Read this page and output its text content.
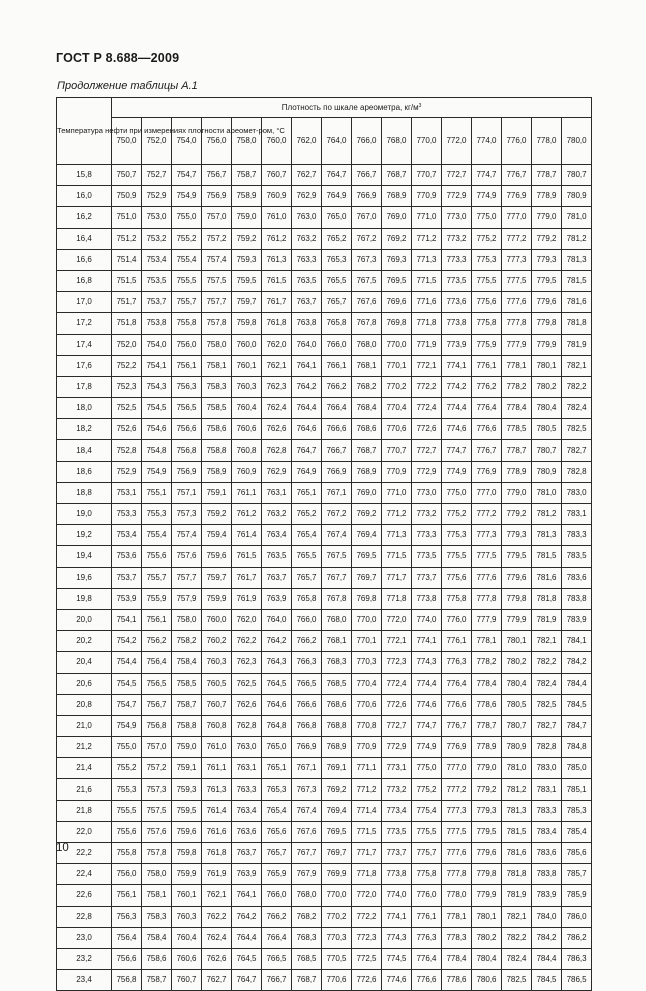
ГОСТ Р 8.688—2009
Продолжение таблицы А.1
Температура нефти при измерениях плотности ареомет-ром, °С	Плотность по шкале ареометра, $кг/м^3$
	750,0	752,0	754,0	756,0	758,0	760,0	762,0	764,0	766,0	768,0	770,0	772,0	774,0	776,0	778,0	780,0
15,8	750,7	752,7	754,7	756,7	758,7	760,7	762,7	764,7	766,7	768,7	770,7	772,7	774,7	776,7	778,7	780,7
16,0	750,9	752,9	754,9	756,9	758,9	760,9	762,9	764,9	766,9	768,9	770,9	772,9	774,9	776,9	778,9	780,9
16,2	751,0	753,0	755,0	757,0	759,0	761,0	763,0	765,0	767,0	769,0	771,0	773,0	775,0	777,0	779,0	781,0
16,4	751,2	753,2	755,2	757,2	759,2	761,2	763,2	765,2	767,2	769,2	771,2	773,2	775,2	777,2	779,2	781,2
16,6	751,4	753,4	755,4	757,4	759,3	761,3	763,3	765,3	767,3	769,3	771,3	773,3	775,3	777,3	779,3	781,3
16,8	751,5	753,5	755,5	757,5	759,5	761,5	763,5	765,5	767,5	769,5	771,5	773,5	775,5	777,5	779,5	781,5
17,0	751,7	753,7	755,7	757,7	759,7	761,7	763,7	765,7	767,6	769,6	771,6	773,6	775,6	777,6	779,6	781,6
17,2	751,8	753,8	755,8	757,8	759,8	761,8	763,8	765,8	767,8	769,8	771,8	773,8	775,8	777,8	779,8	781,8
17,4	752,0	754,0	756,0	758,0	760,0	762,0	764,0	766,0	768,0	770,0	771,9	773,9	775,9	777,9	779,9	781,9
17,6	752,2	754,1	756,1	758,1	760,1	762,1	764,1	766,1	768,1	770,1	772,1	774,1	776,1	778,1	780,1	782,1
17,8	752,3	754,3	756,3	758,3	760,3	762,3	764,2	766,2	768,2	770,2	772,2	774,2	776,2	778,2	780,2	782,2
18,0	752,5	754,5	756,5	758,5	760,4	762,4	764,4	766,4	768,4	770,4	772,4	774,4	776,4	778,4	780,4	782,4
18,2	752,6	754,6	756,6	758,6	760,6	762,6	764,6	766,6	768,6	770,6	772,6	774,6	776,6	778,5	780,5	782,5
18,4	752,8	754,8	756,8	758,8	760,8	762,8	764,7	766,7	768,7	770,7	772,7	774,7	776,7	778,7	780,7	782,7
18,6	752,9	754,9	756,9	758,9	760,9	762,9	764,9	766,9	768,9	770,9	772,9	774,9	776,9	778,9	780,9	782,8
18,8	753,1	755,1	757,1	759,1	761,1	763,1	765,1	767,1	769,0	771,0	773,0	775,0	777,0	779,0	781,0	783,0
19,0	753,3	755,3	757,3	759,2	761,2	763,2	765,2	767,2	769,2	771,2	773,2	775,2	777,2	779,2	781,2	783,1
19,2	753,4	755,4	757,4	759,4	761,4	763,4	765,4	767,4	769,4	771,3	773,3	775,3	777,3	779,3	781,3	783,3
19,4	753,6	755,6	757,6	759,6	761,5	763,5	765,5	767,5	769,5	771,5	773,5	775,5	777,5	779,5	781,5	783,5
19,6	753,7	755,7	757,7	759,7	761,7	763,7	765,7	767,7	769,7	771,7	773,7	775,6	777,6	779,6	781,6	783,6
19,8	753,9	755,9	757,9	759,9	761,9	763,9	765,8	767,8	769,8	771,8	773,8	775,8	777,8	779,8	781,8	783,8
20,0	754,1	756,1	758,0	760,0	762,0	764,0	766,0	768,0	770,0	772,0	774,0	776,0	777,9	779,9	781,9	783,9
20,2	754,2	756,2	758,2	760,2	762,2	764,2	766,2	768,1	770,1	772,1	774,1	776,1	778,1	780,1	782,1	784,1
20,4	754,4	756,4	758,4	760,3	762,3	764,3	766,3	768,3	770,3	772,3	774,3	776,3	778,2	780,2	782,2	784,2
20,6	754,5	756,5	758,5	760,5	762,5	764,5	766,5	768,5	770,4	772,4	774,4	776,4	778,4	780,4	782,4	784,4
20,8	754,7	756,7	758,7	760,7	762,6	764,6	766,6	768,6	770,6	772,6	774,6	776,6	778,6	780,5	782,5	784,5
21,0	754,9	756,8	758,8	760,8	762,8	764,8	766,8	768,8	770,8	772,7	774,7	776,7	778,7	780,7	782,7	784,7
21,2	755,0	757,0	759,0	761,0	763,0	765,0	766,9	768,9	770,9	772,9	774,9	776,9	778,9	780,9	782,8	784,8
21,4	755,2	757,2	759,1	761,1	763,1	765,1	767,1	769,1	771,1	773,1	775,0	777,0	779,0	781,0	783,0	785,0
21,6	755,3	757,3	759,3	761,3	763,3	765,3	767,3	769,2	771,2	773,2	775,2	777,2	779,2	781,2	783,1	785,1
21,8	755,5	757,5	759,5	761,4	763,4	765,4	767,4	769,4	771,4	773,4	775,4	777,3	779,3	781,3	783,3	785,3
22,0	755,6	757,6	759,6	761,6	763,6	765,6	767,6	769,5	771,5	773,5	775,5	777,5	779,5	781,5	783,4	785,4
22,2	755,8	757,8	759,8	761,8	763,7	765,7	767,7	769,7	771,7	773,7	775,7	777,6	779,6	781,6	783,6	785,6
22,4	756,0	758,0	759,9	761,9	763,9	765,9	767,9	769,9	771,8	773,8	775,8	777,8	779,8	781,8	783,8	785,7
22,6	756,1	758,1	760,1	762,1	764,1	766,0	768,0	770,0	772,0	774,0	776,0	778,0	779,9	781,9	783,9	785,9
22,8	756,3	758,3	760,3	762,2	764,2	766,2	768,2	770,2	772,2	774,1	776,1	778,1	780,1	782,1	784,0	786,0
23,0	756,4	758,4	760,4	762,4	764,4	766,4	768,3	770,3	772,3	774,3	776,3	778,3	780,2	782,2	784,2	786,2
23,2	756,6	758,6	760,6	762,6	764,5	766,5	768,5	770,5	772,5	774,5	776,4	778,4	780,4	782,4	784,4	786,3
23,4	756,8	758,7	760,7	762,7	764,7	766,7	768,7	770,6	772,6	774,6	776,6	778,6	780,6	782,5	784,5	786,5
10
